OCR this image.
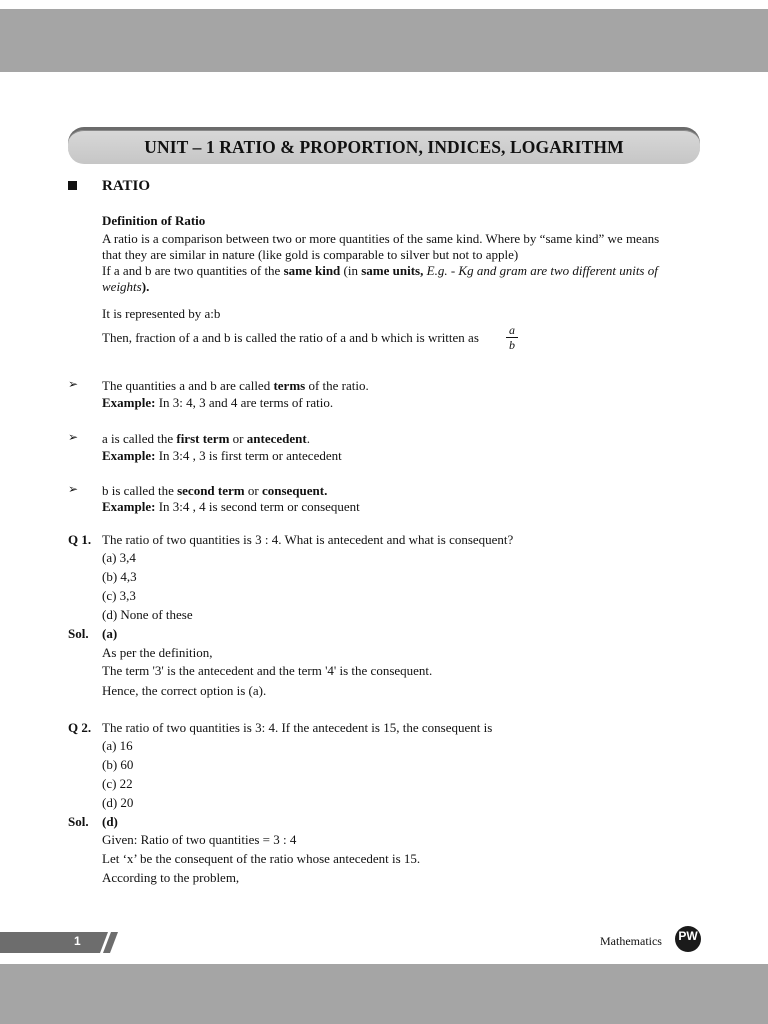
UNIT – 1 RATIO & PROPORTION, INDICES, LOGARITHM
RATIO
Definition of Ratio
A ratio is a comparison between two or more quantities of the same kind. Where by “same kind” we means
that they are similar in nature (like gold is comparable to silver but not to apple)
If a and b are two quantities of the same kind (in same units, E.g. - Kg and gram are two different units of
weights).
It is represented by a:b
Then, fraction of a and b is called the ratio of a and b which is written as $\frac{a}{b}$
➢ The quantities a and b are called terms of the ratio.
Example: In 3: 4, 3 and 4 are terms of ratio.
➢ a is called the first term or antecedent.
Example: In 3:4 , 3 is first term or antecedent
➢ b is called the second term or consequent.
Example: In 3:4 , 4 is second term or consequent
Q 1. The ratio of two quantities is 3 : 4. What is antecedent and what is consequent?
(a) 3,4
(b) 4,3
(c) 3,3
(d) None of these
Sol. (a)
As per the definition,
The term '3' is the antecedent and the term '4' is the consequent.
Hence, the correct option is (a).
Q 2. The ratio of two quantities is 3: 4. If the antecedent is 15, the consequent is
(a) 16
(b) 60
(c) 22
(d) 20
Sol. (d)
Given: Ratio of two quantities = 3 : 4
Let ‘x’ be the consequent of the ratio whose antecedent is 15.
According to the problem,
1	Mathematics PW
